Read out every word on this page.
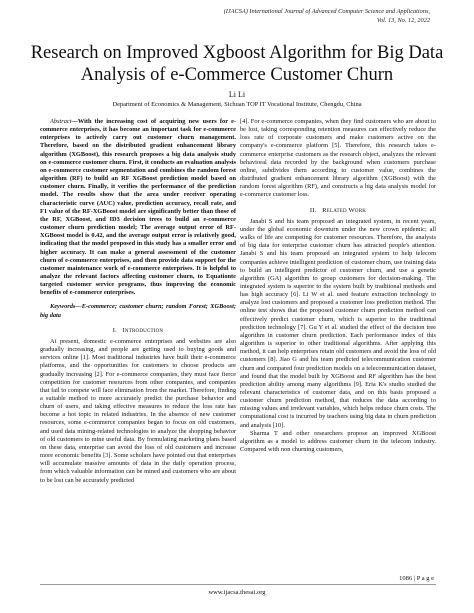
(IJACSA) International Journal of Advanced Computer Science and Applications,
Vol. 13, No. 12, 2022
Research on Improved Xgboost Algorithm for Big Data Analysis of e-Commerce Customer Churn
Li Li
Department of Economics & Management, Sichuan TOP IT Vocational Institute, Chengdu, China

Abstract—With the increasing cost of acquiring new users for e-commerce enterprises, it has become an important task for e-commerce enterprises to actively carry out customer churn management. Therefore, based on the distributed gradient enhancement library algorithm (XGBoost), this research proposes a big data analysis study on e-commerce customer churn. First, it conducts an evaluation analysis on e-commerce customer segmentation and combines the random forest algorithm (RF) to build an RF XGBoost prediction model based on customer churn. Finally, it verifies the performance of the prediction model. The results show that the area under receiver operating characteristic curve (AUC) value, prediction accuracy, recall rate, and F1 value of the RF-XGBoost model are significantly better than those of the RF, XGBoost, and ID3 decision trees to build an e-commerce customer churn prediction model; The average output error of RF-XGBoost model is 0.42, and the average output error is relatively good, indicating that the model proposed in this study has a smaller error and higher accuracy. It can make a general assessment of the customer churn of e-commerce enterprises, and then provide data support for the customer maintenance work of e-commerce enterprises. It is helpful to analyze the relevant factors affecting customer churn, to Equationte targeted customer service programs, thus improving the economic benefits of e-commerce enterprises.

Keywords—E-commerce; customer churn; random Forest; XGBoost; big data

I. Introduction

At present, domestic e-commerce enterprises and websites are also gradually increasing, and people are getting used to buying goods and services online [1]. Most traditional industries have built their e-commerce platforms, and the opportunities for customers to choose products are gradually increasing [2]. For e-commerce companies, they must face fierce competition for customer resources from other companies, and companies that fail to compete will face elimination from the market. Therefore, finding a suitable method to more accurately predict the purchase behavior and churn of users, and taking effective measures to reduce the loss rate has become a hot topic in related industries. In the absence of new customer resources, some e-commerce companies began to focus on old customers, and used data mining-related technologies to analyze the shopping behavior of old customers to mine useful data. By formulating marketing plans based on these data, enterprise can avoid the loss of old customers and increase more economic benefits [3]. Some scholars have pointed out that enterprises will accumulate massive amounts of data in the daily operation process, from which valuable information can be mined and customers who are about to be lost can be accurately predicted

[4]. For e-commerce companies, when they find customers who are about to be lost, taking corresponding retention measures can effectively reduce the loss rate of corporate customers and make customers active on the company's e-commerce platform [5]. Therefore, this research takes e-commerce enterprise customers as the research object, analyzes the relevant behavioral data recorded by the background when customers purchase online, subdivides them according to customer value, combines the distributed gradient enhancement library algorithm (XGBoost) with the random forest algorithm (RF), and constructs a big data analysis model for e-commerce customer loss.

II. Related Work

Janabi S and his team proposed an integrated system, in recent years, under the global economic downturn under the new crown epidemic; all walks of life are competing for customer resources. Therefore, the analysis of big data for enterprise customer churn has attracted people's attention. Janabi S and his team proposed an integrated system to help telecom companies achieve intelligent prediction of customer churn, use training data to build an intelligent predictor of customer churn, and use a genetic algorithm (GA) algorithm to group customers for decision-making. The integrated system is superior to the system built by traditional methods and has high accuracy [6]. Li W et al. used feature extraction technology to analyze lost customers and proposed a customer loss prediction method. The online test shows that the proposed customer churn prediction method can effectively predict customer churn, which is superior to the traditional prediction technology [7]. Gu Y et al. studied the effect of the decision tree algorithm in customer churn prediction. Each performance index of this algorithm is superior to other traditional algorithms. After applying this method, it can help enterprises retain old customers and avoid the loss of old customers [8]. Jiao G and his team predicted telecommunication customer churn and compared four prediction models on a telecommunication dataset, and found that the model built by XGBoost and RF algorithm has the best prediction ability among many algorithms [9]. Eria K's studio studied the relevant characteristics of customer data, and on this basis proposed a customer churn prediction method, that reduces the data according to missing values and irrelevant variables, which helps reduce churn costs. The computational cost is incurred by teachers using big data in churn prediction and analysis [10].

Sharma T and other researchers propose an improved XGBoost algorithm as a model to address customer churn in the telecom industry. Compared with non churning customers,

1086 | P a g e
www.ijacsa.thesai.org
